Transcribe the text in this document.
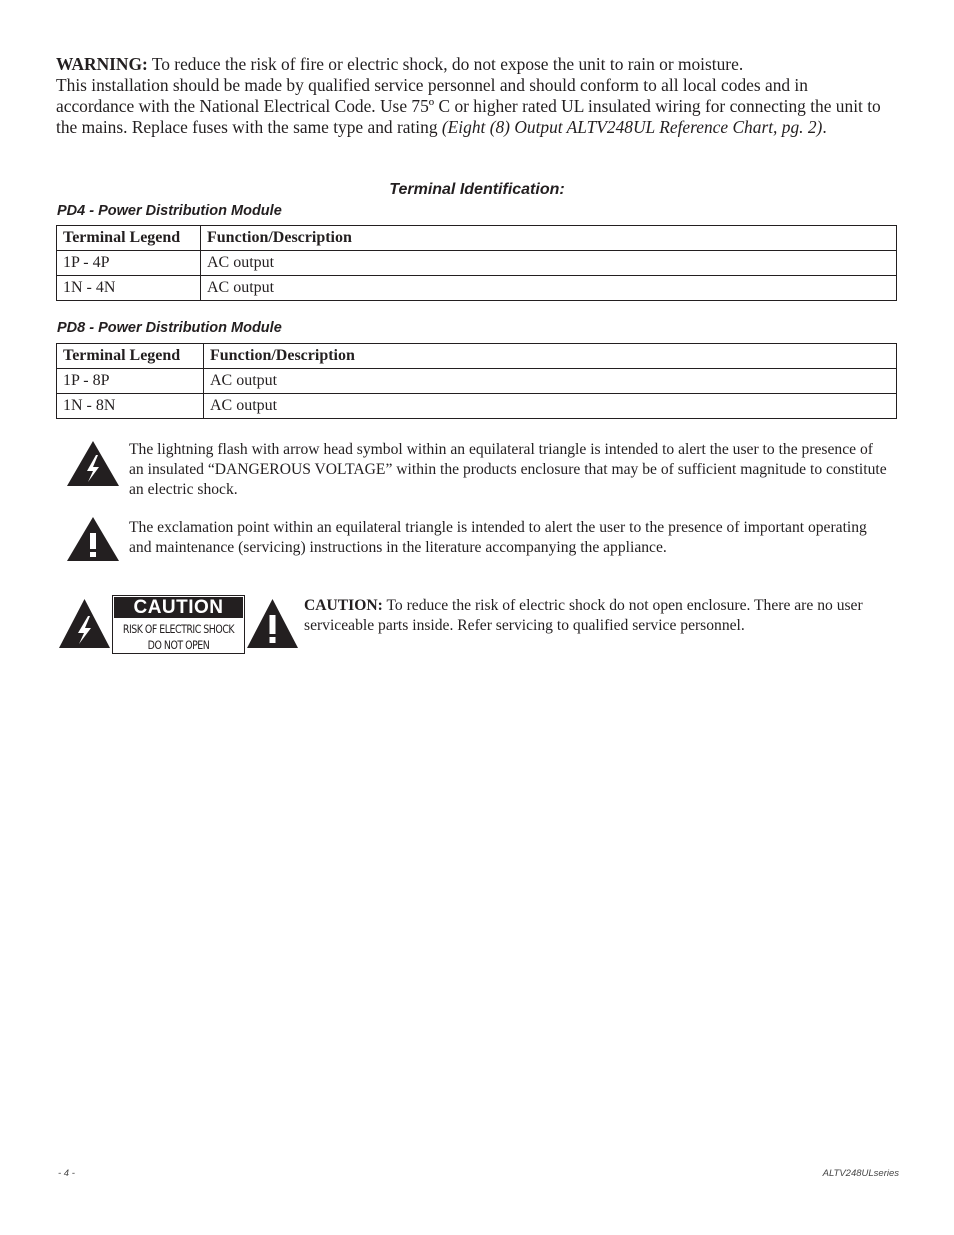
WARNING: To reduce the risk of fire or electric shock, do not expose the unit to rain or moisture.
This installation should be made by qualified service personnel and should conform to all local codes and in accordance with the National Electrical Code. Use 75º C or higher rated UL insulated wiring for connecting the unit to the mains. Replace fuses with the same type and rating (Eight (8) Output ALTV248UL Reference Chart, pg. 2).

Terminal Identification:
PD4 - Power Distribution Module
Terminal Legend	Function/Description
1P - 4P	AC output
1N - 4N	AC output
PD8 - Power Distribution Module
Terminal Legend	Function/Description
1P - 8P	AC output
1N - 8N	AC output

The lightning flash with arrow head symbol within an equilateral triangle is intended to alert the user to the presence of an insulated “DANGEROUS VOLTAGE” within the products enclosure that may be of sufficient magnitude to constitute an electric shock.

The exclamation point within an equilateral triangle is intended to alert the user to the presence of important operating and maintenance (servicing) instructions in the literature accompanying the appliance.

CAUTION
RISK OF ELECTRIC SHOCK
DO NOT OPEN

CAUTION: To reduce the risk of electric shock do not open enclosure. There are no user serviceable parts inside. Refer servicing to qualified service personnel.

- 4 -	ALTV248ULseries
